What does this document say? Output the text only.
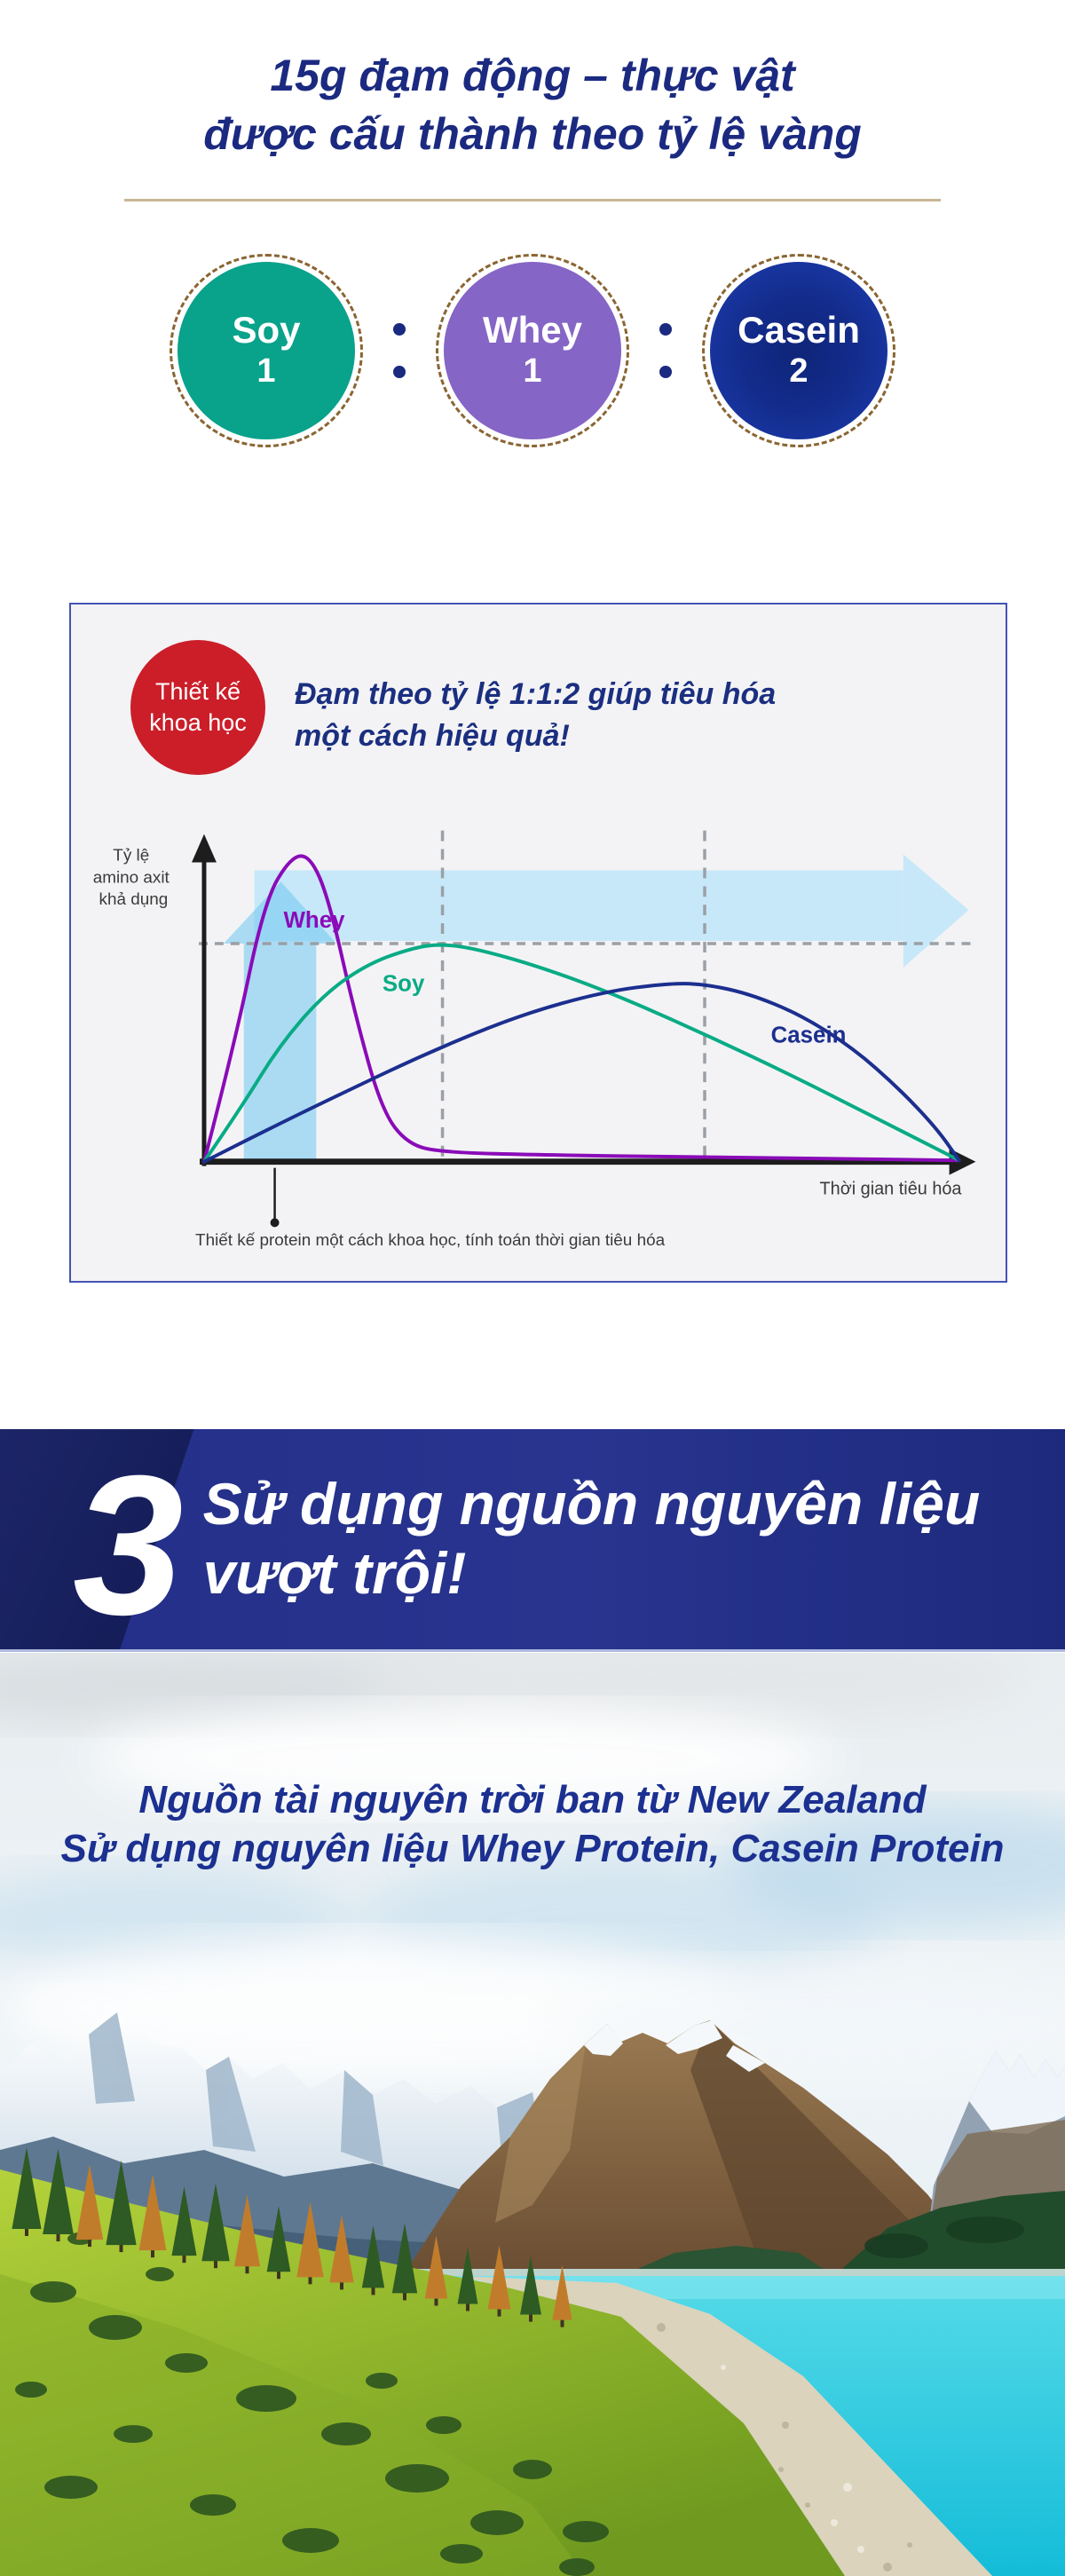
15g đạm động – thực vật
được cấu thành theo tỷ lệ vàng
Soy
1
Whey
1
Casein
2
Whey
Soy
Casein
Tỷ lệ amino axit khả dụng
Thời gian tiêu hóa
Thiết kế protein một cách khoa học, tính toán thời gian tiêu hóa
Thiết kế
khoa học
Đạm theo tỷ lệ 1:1:2 giúp tiêu hóa
một cách hiệu quả!
3 Sử dụng nguồn nguyên liệu
vượt trội!
Nguồn tài nguyên trời ban từ New Zealand
Sử dụng nguyên liệu Whey Protein, Casein Protein
